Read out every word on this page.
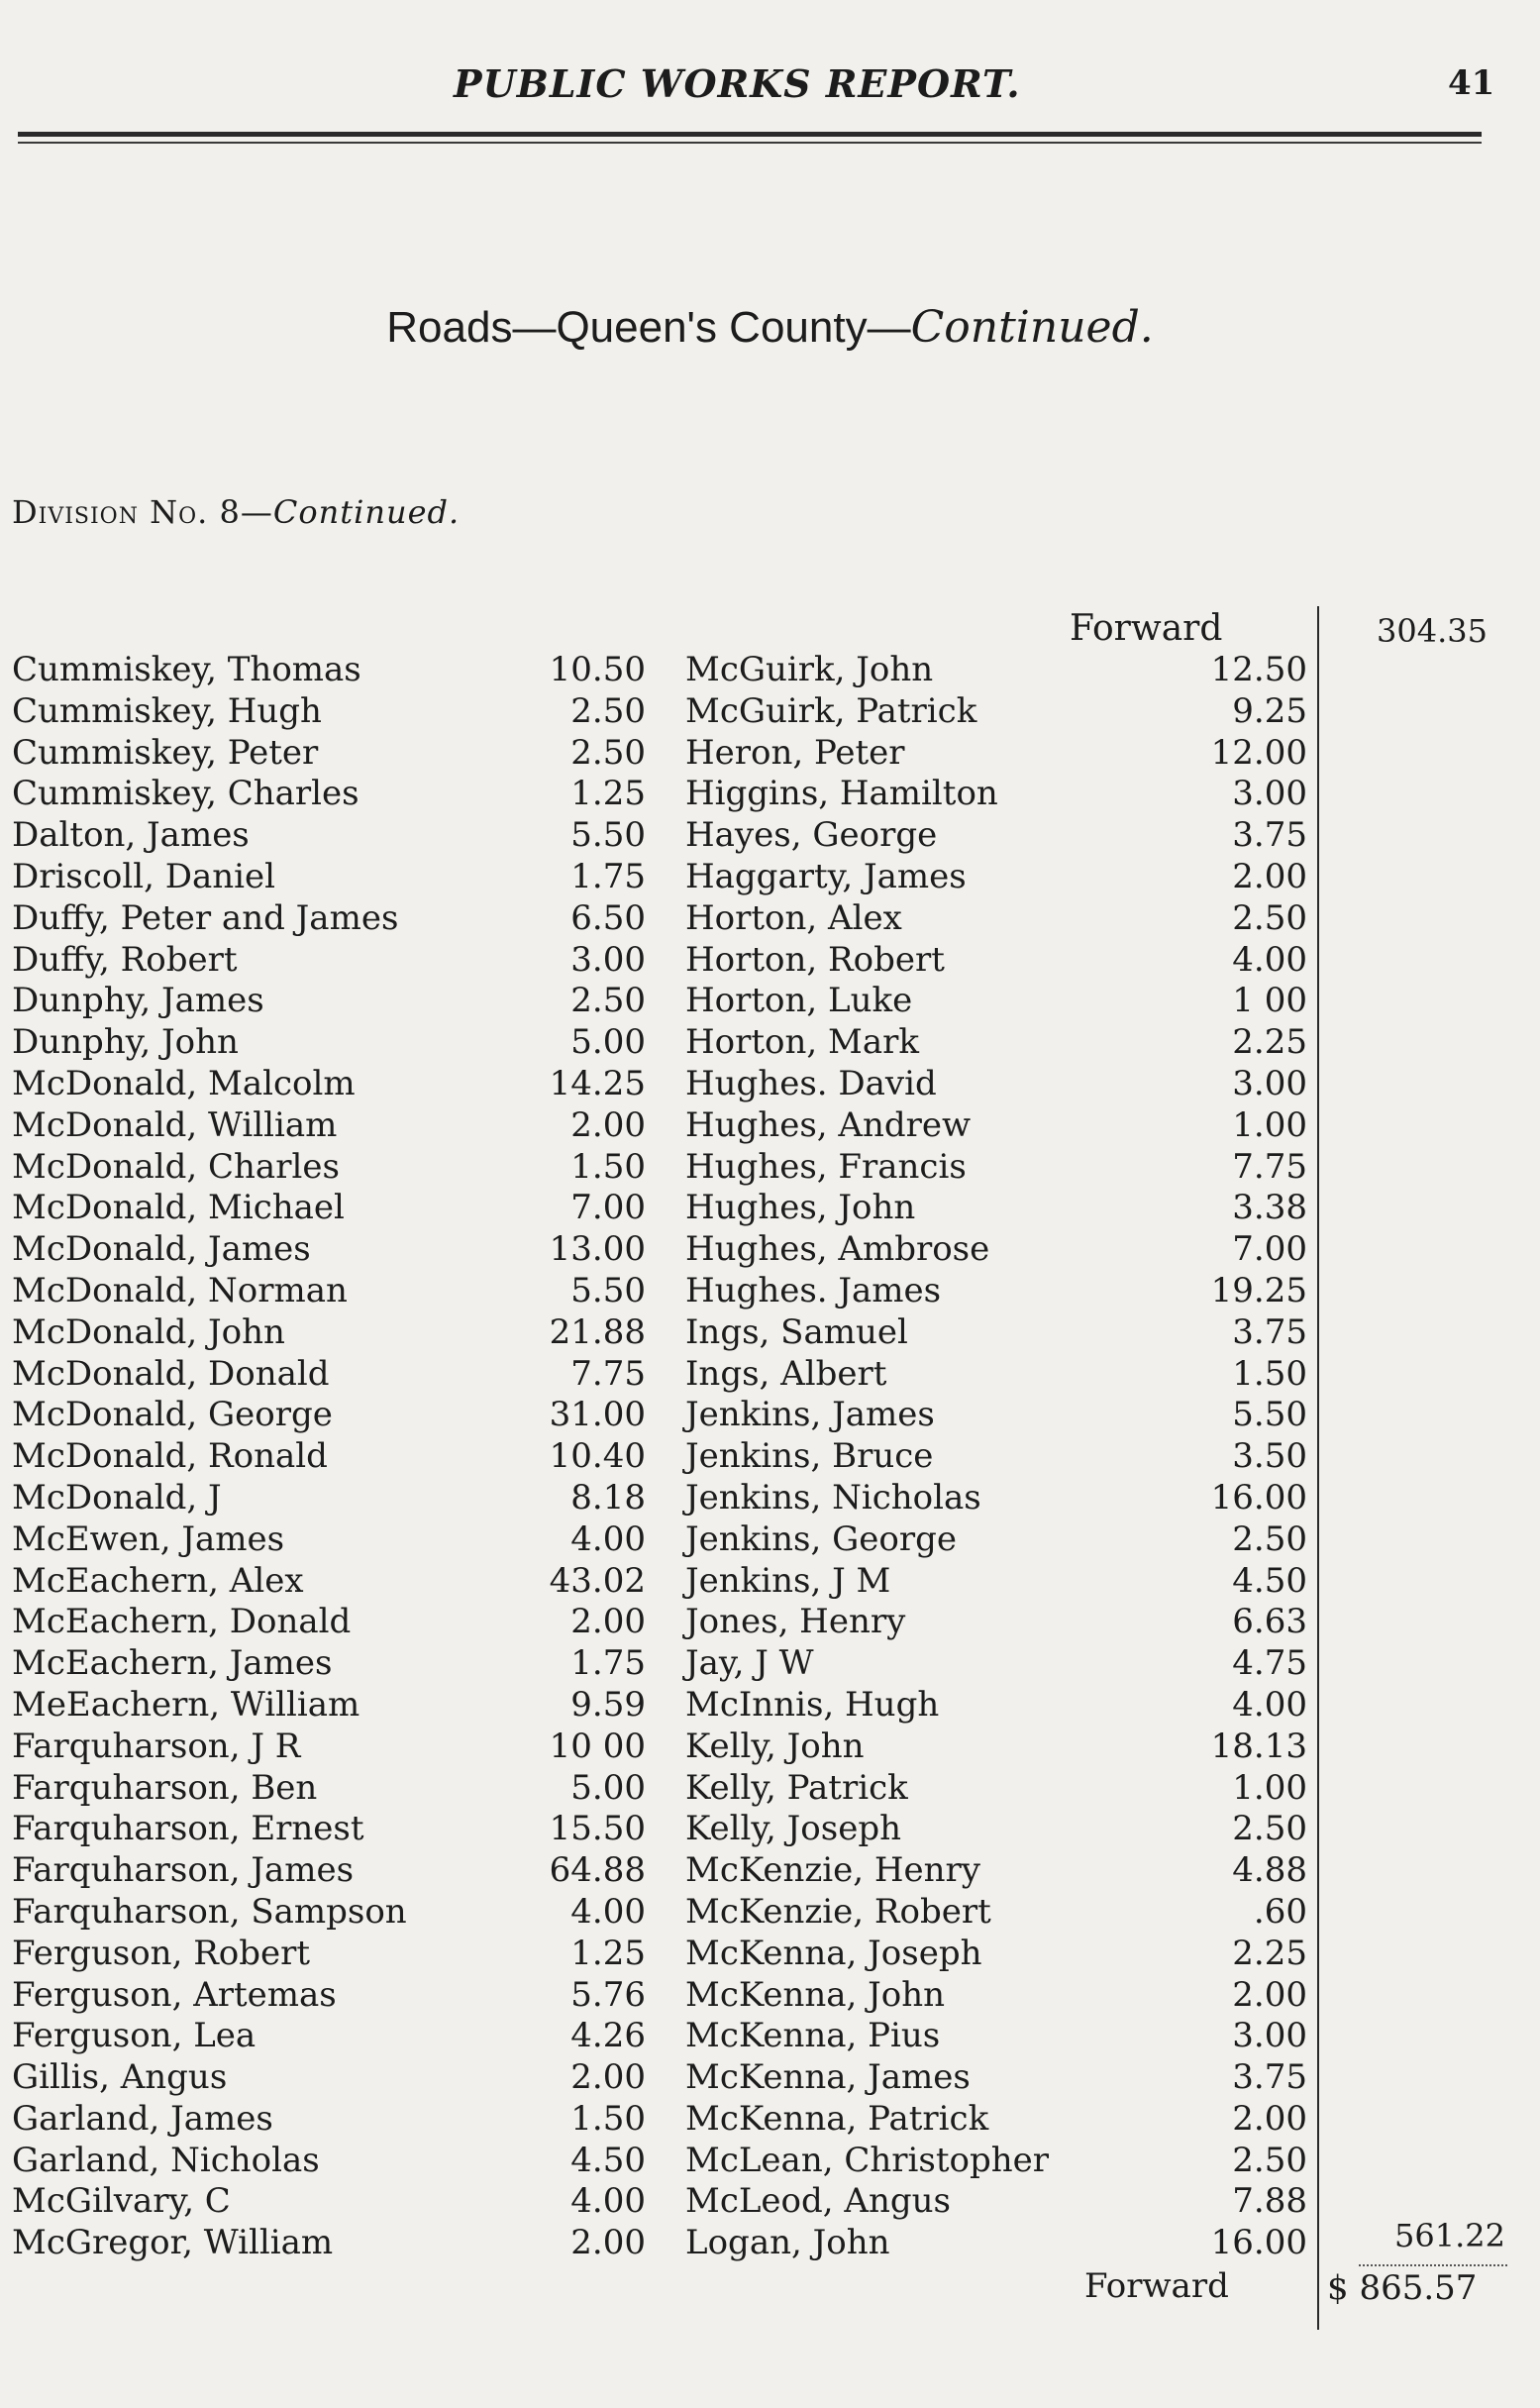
PUBLIC WORKS REPORT.	41
Roads—Queen's County—Continued.
Division No. 8—Continued.
Forward	304.35
Cummiskey, Thomas	10.50
Cummiskey, Hugh	2.50
Cummiskey, Peter	2.50
Cummiskey, Charles	1.25
Dalton, James	5.50
Driscoll, Daniel	1.75
Duffy, Peter and James	6.50
Duffy, Robert	3.00
Dunphy, James	2.50
Dunphy, John	5.00
McDonald, Malcolm	14.25
McDonald, William	2.00
McDonald, Charles	1.50
McDonald, Michael	7.00
McDonald, James	13.00
McDonald, Norman	5.50
McDonald, John	21.88
McDonald, Donald	7.75
McDonald, George	31.00
McDonald, Ronald	10.40
McDonald, J	8.18
McEwen, James	4.00
McEachern, Alex	43.02
McEachern, Donald	2.00
McEachern, James	1.75
MeEachern, William	9.59
Farquharson, J R	10 00
Farquharson, Ben	5.00
Farquharson, Ernest	15.50
Farquharson, James	64.88
Farquharson, Sampson	4.00
Ferguson, Robert	1.25
Ferguson, Artemas	5.76
Ferguson, Lea	4.26
Gillis, Angus	2.00
Garland, James	1.50
Garland, Nicholas	4.50
McGilvary, C	4.00
McGregor, William	2.00
McGuirk, John	12.50
McGuirk, Patrick	9.25
Heron, Peter	12.00
Higgins, Hamilton	3.00
Hayes, George	3.75
Haggarty, James	2.00
Horton, Alex	2.50
Horton, Robert	4.00
Horton, Luke	1 00
Horton, Mark	2.25
Hughes. David	3.00
Hughes, Andrew	1.00
Hughes, Francis	7.75
Hughes, John	3.38
Hughes, Ambrose	7.00
Hughes. James	19.25
Ings, Samuel	3.75
Ings, Albert	1.50
Jenkins, James	5.50
Jenkins, Bruce	3.50
Jenkins, Nicholas	16.00
Jenkins, George	2.50
Jenkins, J M	4.50
Jones, Henry	6.63
Jay, J W	4.75
McInnis, Hugh	4.00
Kelly, John	18.13
Kelly, Patrick	1.00
Kelly, Joseph	2.50
McKenzie, Henry	4.88
McKenzie, Robert	.60
McKenna, Joseph	2.25
McKenna, John	2.00
McKenna, Pius	3.00
McKenna, James	3.75
McKenna, Patrick	2.00
McLean, Christopher	2.50
McLeod, Angus	7.88
Logan, John	16.00	561.22
Forward	$ 865.57
